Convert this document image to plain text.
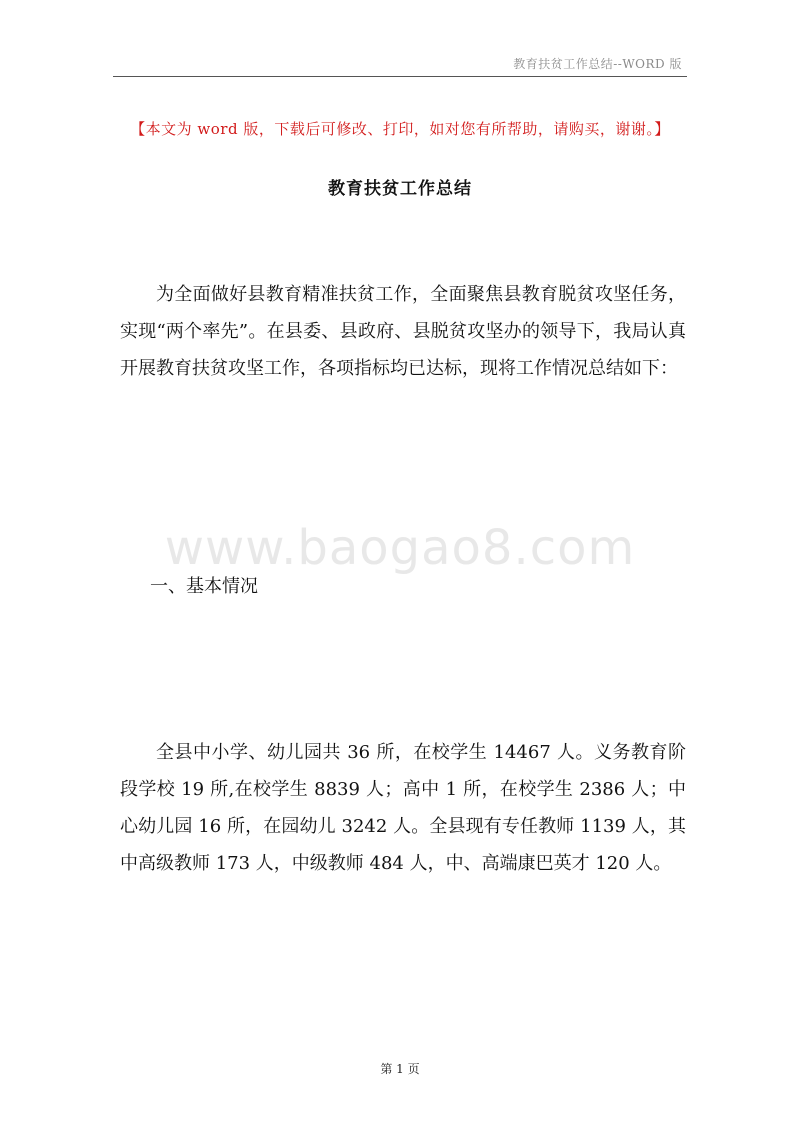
教育扶贫工作总结--WORD 版
【本文为 word 版，下载后可修改、打印，如对您有所帮助，请购买，谢谢。】
教育扶贫工作总结

为全面做好县教育精准扶贫工作，全面聚焦县教育脱贫攻坚任务，实现“两个率先”。在县委、县政府、县脱贫攻坚办的领导下，我局认真开展教育扶贫攻坚工作，各项指标均已达标，现将工作情况总结如下：

www.baogao8.com
一、基本情况

全县中小学、幼儿园共 36 所，在校学生 14467 人。义务教育阶段学校 19 所,在校学生 8839 人；高中 1 所，在校学生 2386 人；中心幼儿园 16 所，在园幼儿 3242 人。全县现有专任教师 1139 人，其中高级教师 173 人，中级教师 484 人，中、高端康巴英才 120 人。

第 1 页
